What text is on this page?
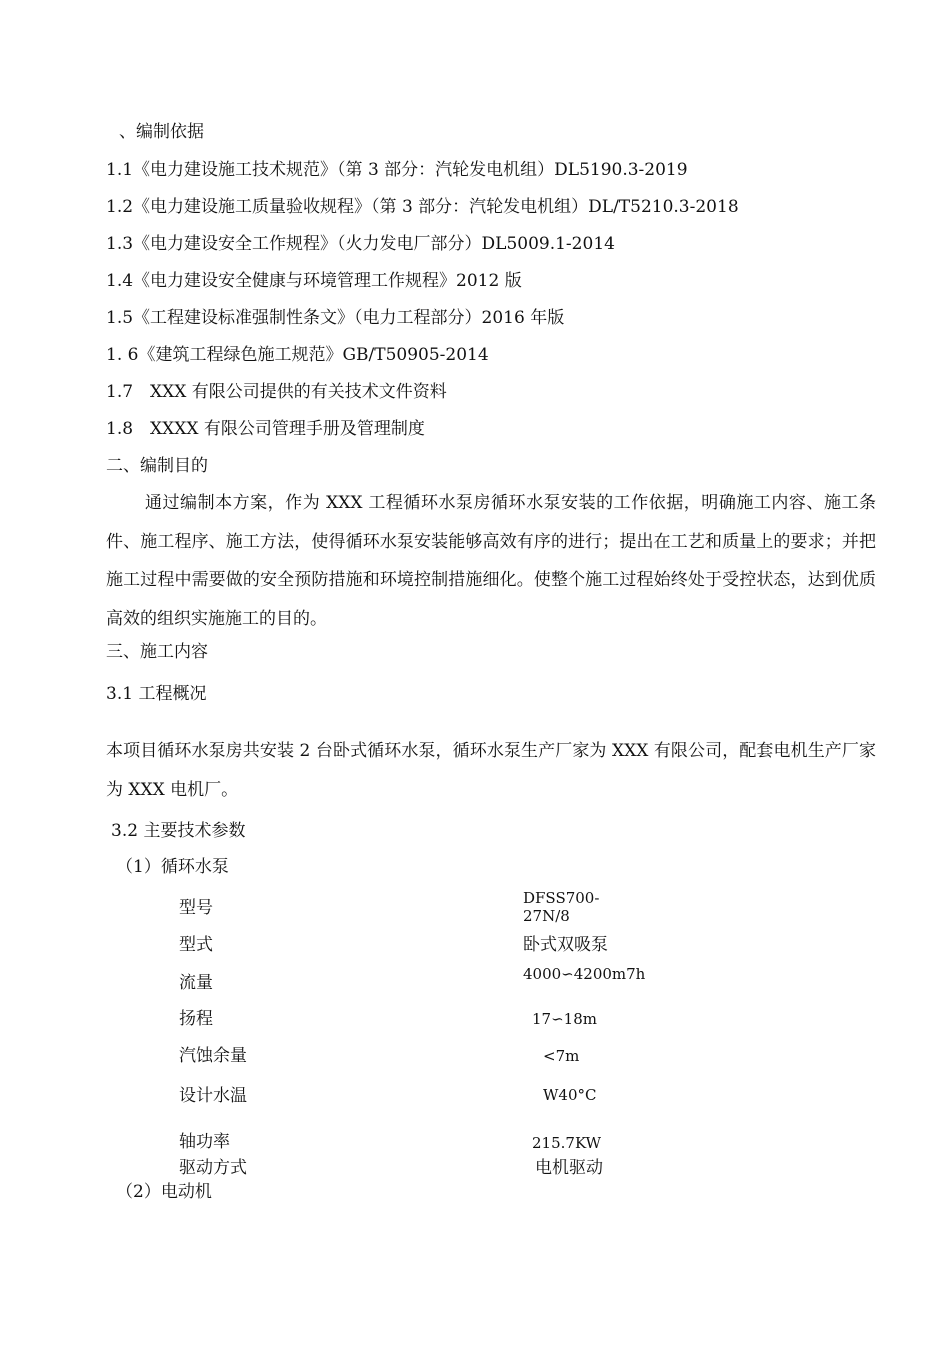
、编制依据
1.1《电力建设施工技术规范》（第 3 部分：汽轮发电机组）DL5190.3-2019
1.2《电力建设施工质量验收规程》（第 3 部分：汽轮发电机组）DL/T5210.3-2018
1.3《电力建设安全工作规程》（火力发电厂部分）DL5009.1-2014
1.4《电力建设安全健康与环境管理工作规程》2012 版
1.5《工程建设标准强制性条文》（电力工程部分）2016 年版
1. 6《建筑工程绿色施工规范》GB/T50905-2014
1.7　XXX 有限公司提供的有关技术文件资料
1.8　XXXX 有限公司管理手册及管理制度
二、编制目的
通过编制本方案，作为 XXX 工程循环水泵房循环水泵安装的工作依据，明确施工内容、施工条件、施工程序、施工方法，使得循环水泵安装能够高效有序的进行；提出在工艺和质量上的要求；并把施工过程中需要做的安全预防措施和环境控制措施细化。使整个施工过程始终处于受控状态，达到优质高效的组织实施施工的目的。
三、施工内容
3.1 工程概况
本项目循环水泵房共安装 2 台卧式循环水泵，循环水泵生产厂家为 XXX 有限公司，配套电机生产厂家为 XXX 电机厂。
3.2 主要技术参数
（1）循环水泵
型号	DFSS700-27N/8
型式	卧式双吸泵
流量	4000∽4200m7h
扬程	17∽18m
汽蚀余量	<7m
设计水温	W40°C
轴功率	215.7KW
驱动方式	电机驱动
（2）电动机
